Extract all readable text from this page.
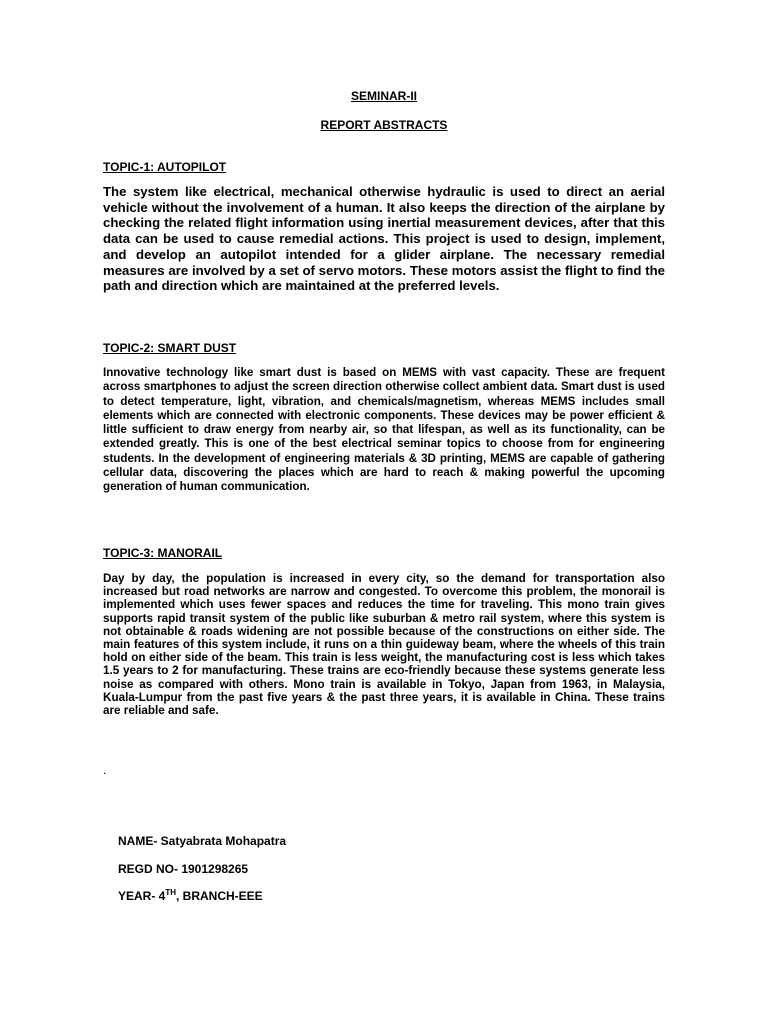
SEMINAR-II
REPORT ABSTRACTS
TOPIC-1: AUTOPILOT

The system like electrical, mechanical otherwise hydraulic is used to direct an aerial vehicle without the involvement of a human. It also keeps the direction of the airplane by checking the related flight information using inertial measurement devices, after that this data can be used to cause remedial actions. This project is used to design, implement, and develop an autopilot intended for a glider airplane. The necessary remedial measures are involved by a set of servo motors. These motors assist the flight to find the path and direction which are maintained at the preferred levels.

TOPIC-2: SMART DUST

Innovative technology like smart dust is based on MEMS with vast capacity. These are frequent across smartphones to adjust the screen direction otherwise collect ambient data. Smart dust is used to detect temperature, light, vibration, and chemicals/magnetism, whereas MEMS includes small elements which are connected with electronic components. These devices may be power efficient & little sufficient to draw energy from nearby air, so that lifespan, as well as its functionality, can be extended greatly. This is one of the best electrical seminar topics to choose from for engineering students. In the development of engineering materials & 3D printing, MEMS are capable of gathering cellular data, discovering the places which are hard to reach & making powerful the upcoming generation of human communication.

TOPIC-3: MANORAIL

Day by day, the population is increased in every city, so the demand for transportation also increased but road networks are narrow and congested. To overcome this problem, the monorail is implemented which uses fewer spaces and reduces the time for traveling. This mono train gives supports rapid transit system of the public like suburban & metro rail system, where this system is not obtainable & roads widening are not possible because of the constructions on either side. The main features of this system include, it runs on a thin guideway beam, where the wheels of this train hold on either side of the beam. This train is less weight, the manufacturing cost is less which takes 1.5 years to 2 for manufacturing. These trains are eco-friendly because these systems generate less noise as compared with others. Mono train is available in Tokyo, Japan from 1963, in Malaysia, Kuala-Lumpur from the past five years & the past three years, it is available in China. These trains are reliable and safe.

.
NAME- Satyabrata Mohapatra
REGD NO- 1901298265
YEAR- 4TH, BRANCH-EEE
